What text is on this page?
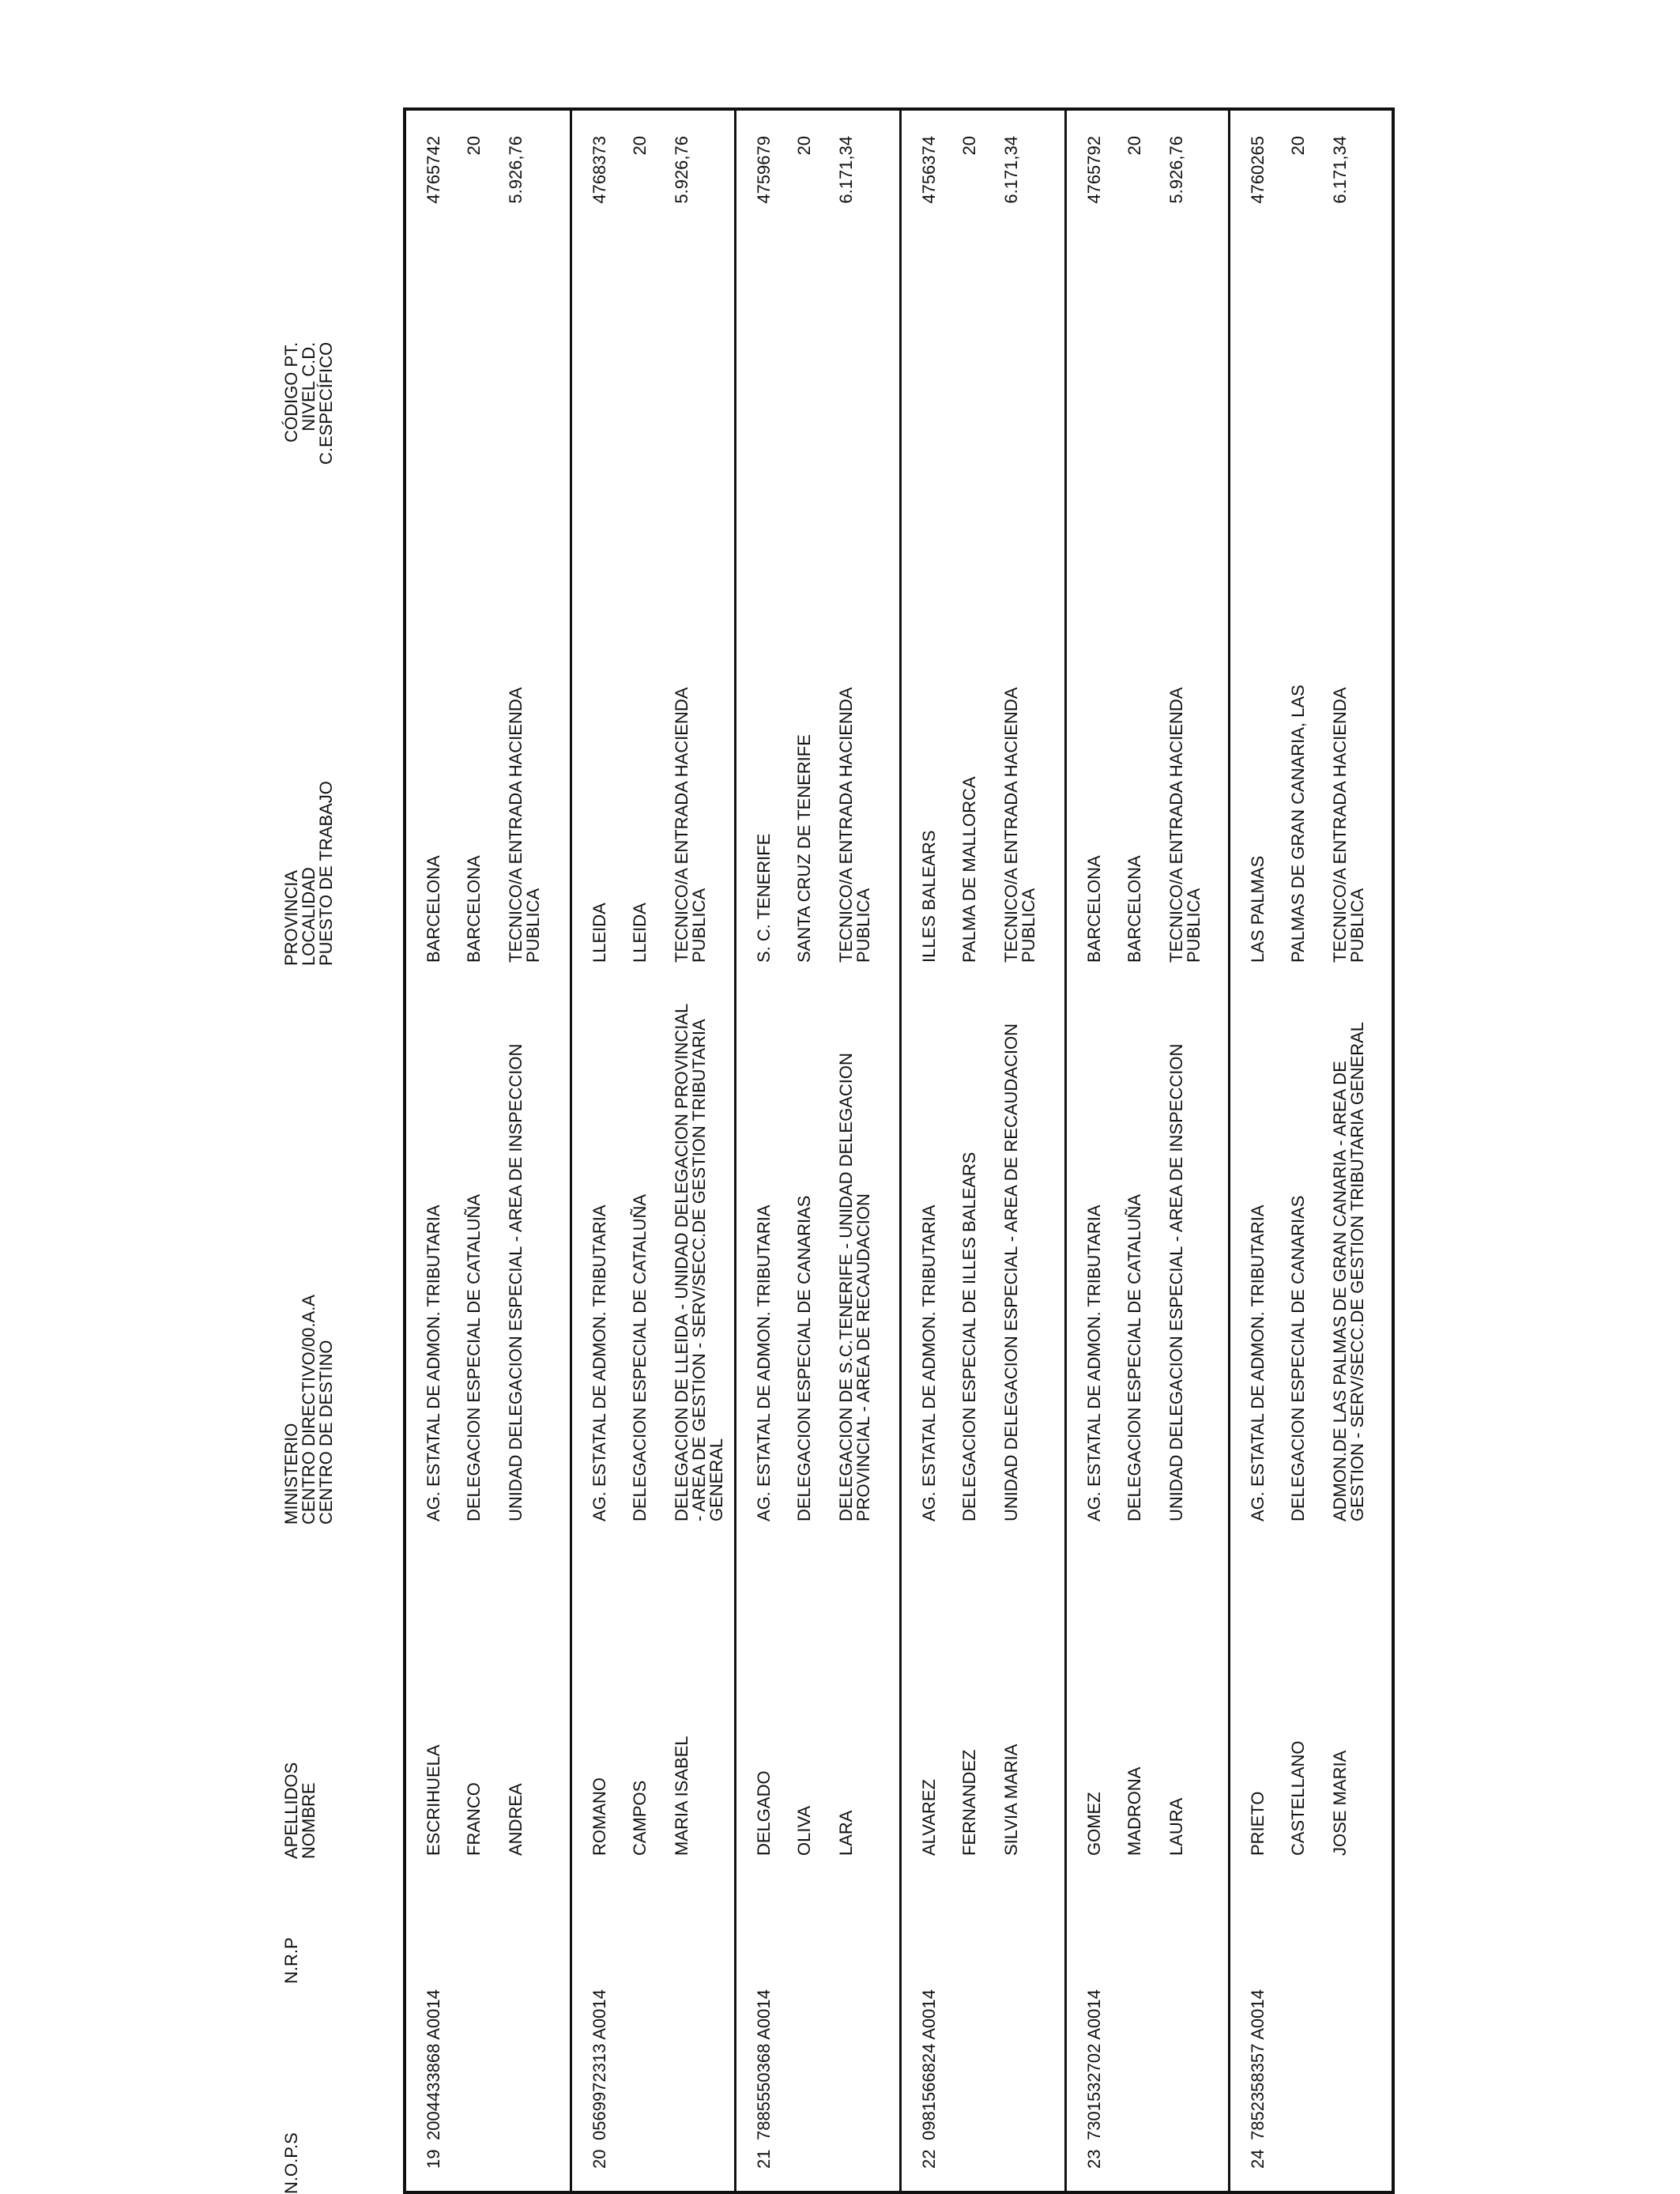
N.O.P.S
N.R.P
APELLIDOS
NOMBRE
MINISTERIO
CENTRO DIRECTIVO/00.A.A
CENTRO DE DESTINO
PROVINCIA
LOCALIDAD
PUESTO DE TRABAJO
CÓDIGO PT.
NIVEL C.D.
C.ESPECÍFICO
19
2004433868 A0014
ESCRIHUELA FRANCO ANDREA
AG. ESTATAL DE ADMON. TRIBUTARIA DELEGACION ESPECIAL DE CATALUÑA UNIDAD DELEGACION ESPECIAL - AREA DE INSPECCION
BARCELONA BARCELONA TECNICO/A ENTRADA HACIENDA PUBLICA
4765742 20 5.926,76
20
0569972313 A0014
ROMANO CAMPOS MARIA ISABEL
AG. ESTATAL DE ADMON. TRIBUTARIA DELEGACION ESPECIAL DE CATALUÑA DELEGACION DE LLEIDA - UNIDAD DELEGACION PROVINCIAL - AREA DE GESTION - SERV/SECC.DE GESTION TRIBUTARIA GENERAL
LLEIDA LLEIDA TECNICO/A ENTRADA HACIENDA PUBLICA
4768373 20 5.926,76
21
7885550368 A0014
DELGADO OLIVA LARA
AG. ESTATAL DE ADMON. TRIBUTARIA DELEGACION ESPECIAL DE CANARIAS DELEGACION DE S.C.TENERIFE - UNIDAD DELEGACION PROVINCIAL - AREA DE RECAUDACION
S. C. TENERIFE SANTA CRUZ DE TENERIFE TECNICO/A ENTRADA HACIENDA PUBLICA
4759679 20 6.171,34
22
0981566824 A0014
ALVAREZ FERNANDEZ SILVIA MARIA
AG. ESTATAL DE ADMON. TRIBUTARIA DELEGACION ESPECIAL DE ILLES BALEARS UNIDAD DELEGACION ESPECIAL - AREA DE RECAUDACION
ILLES BALEARS PALMA DE MALLORCA TECNICO/A ENTRADA HACIENDA PUBLICA
4756374 20 6.171,34
23
7301532702 A0014
GOMEZ MADRONA LAURA
AG. ESTATAL DE ADMON. TRIBUTARIA DELEGACION ESPECIAL DE CATALUÑA UNIDAD DELEGACION ESPECIAL - AREA DE INSPECCION
BARCELONA BARCELONA TECNICO/A ENTRADA HACIENDA PUBLICA
4765792 20 5.926,76
24
7852358357 A0014
PRIETO CASTELLANO JOSE MARIA
AG. ESTATAL DE ADMON. TRIBUTARIA DELEGACION ESPECIAL DE CANARIAS ADMON.DE LAS PALMAS DE GRAN CANARIA - AREA DE GESTION - SERV/SECC.DE GESTION TRIBUTARIA GENERAL
LAS PALMAS PALMAS DE GRAN CANARIA, LAS TECNICO/A ENTRADA HACIENDA PUBLICA
4760265 20 6.171,34
